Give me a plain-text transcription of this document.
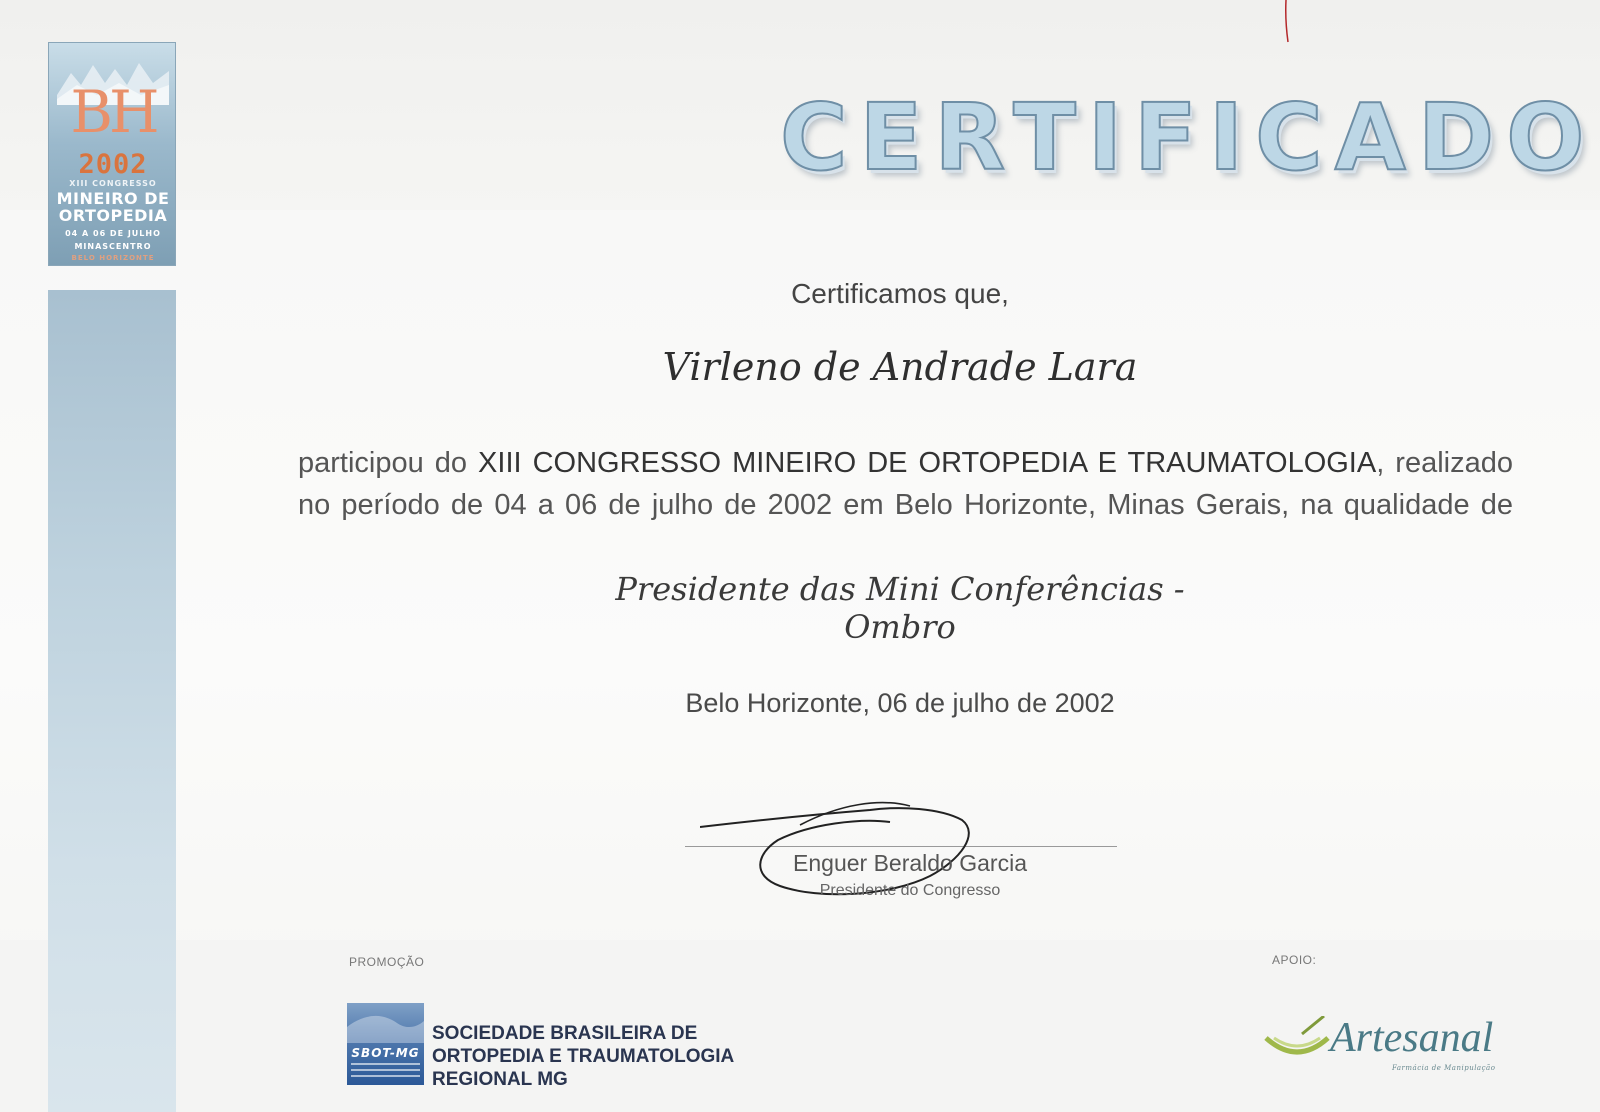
BH
2002
XIII CONGRESSO
MINEIRO DE
ORTOPEDIA
04 A 06 DE JULHO
MINASCENTRO
BELO HORIZONTE
CERTIFICADO
Certificamos que,
Virleno de Andrade Lara
participou do XIII CONGRESSO MINEIRO DE ORTOPEDIA E TRAUMATOLOGIA, realizado no período de 04 a 06 de julho de 2002 em Belo Horizonte, Minas Gerais, na qualidade de
Presidente das Mini Conferências - Ombro
Belo Horizonte, 06 de julho de 2002
Enguer Beraldo Garcia
Presidente do Congresso
PROMOÇÃO	APOIO:
SBOT-MG
SOCIEDADE BRASILEIRA DE
ORTOPEDIA E TRAUMATOLOGIA
REGIONAL MG
Artesanal
Farmácia de Manipulação
